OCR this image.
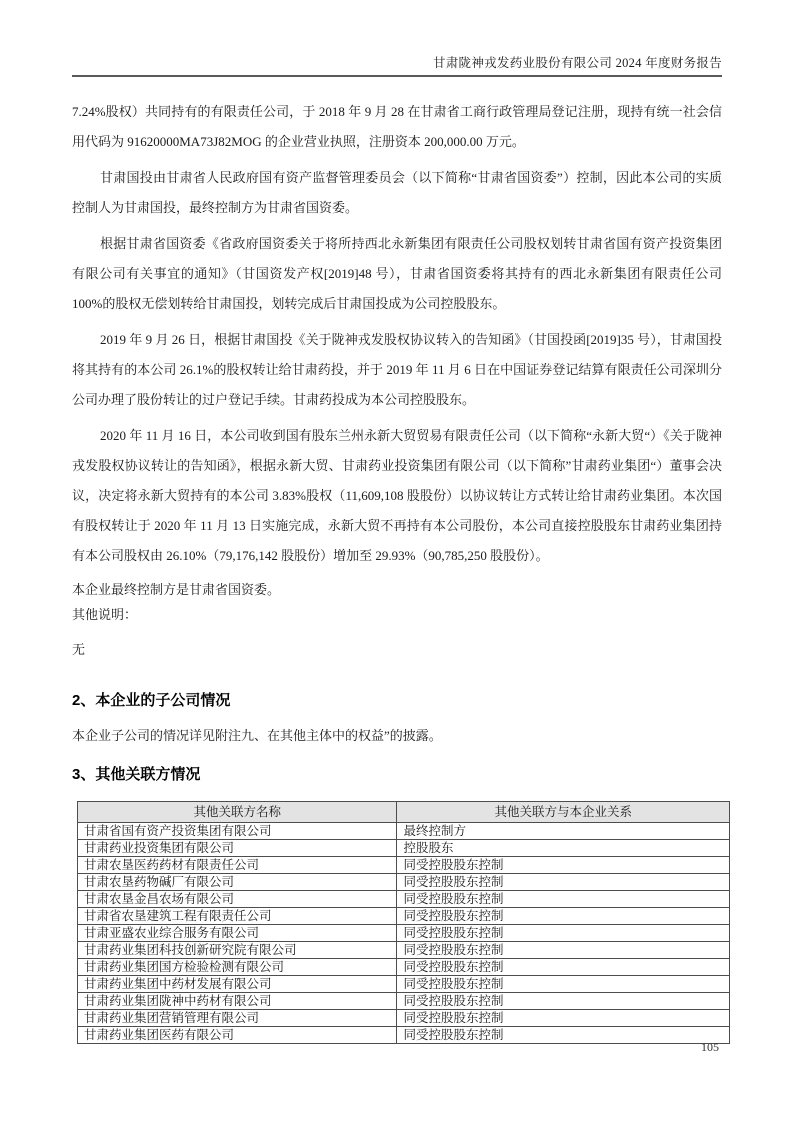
甘肃陇神戎发药业股份有限公司 2024 年度财务报告

7.24%股权）共同持有的有限责任公司，于 2018 年 9 月 28 在甘肃省工商行政管理局登记注册，现持有统一社会信用代码为 91620000MA73J82MOG 的企业营业执照，注册资本 200,000.00 万元。

甘肃国投由甘肃省人民政府国有资产监督管理委员会（以下简称“甘肃省国资委”）控制，因此本公司的实质控制人为甘肃国投，最终控制方为甘肃省国资委。

根据甘肃省国资委《省政府国资委关于将所持西北永新集团有限责任公司股权划转甘肃省国有资产投资集团有限公司有关事宜的通知》（甘国资发产权[2019]48 号），甘肃省国资委将其持有的西北永新集团有限责任公司 100%的股权无偿划转给甘肃国投，划转完成后甘肃国投成为公司控股股东。

2019 年 9 月 26 日，根据甘肃国投《关于陇神戎发股权协议转入的告知函》（甘国投函[2019]35 号），甘肃国投将其持有的本公司 26.1%的股权转让给甘肃药投，并于 2019 年 11 月 6 日在中国证券登记结算有限责任公司深圳分公司办理了股份转让的过户登记手续。甘肃药投成为本公司控股股东。

2020 年 11 月 16 日，本公司收到国有股东兰州永新大贸贸易有限责任公司（以下简称“永新大贸“）《关于陇神戎发股权协议转让的告知函》，根据永新大贸、甘肃药业投资集团有限公司（以下简称”甘肃药业集团“）董事会决议，决定将永新大贸持有的本公司 3.83%股权（11,609,108 股股份）以协议转让方式转让给甘肃药业集团。本次国有股权转让于 2020 年 11 月 13 日实施完成，永新大贸不再持有本公司股份，本公司直接控股股东甘肃药业集团持有本公司股权由 26.10%（79,176,142 股股份）增加至 29.93%（90,785,250 股股份）。

本企业最终控制方是甘肃省国资委。

其他说明：

无

2、本企业的子公司情况

本企业子公司的情况详见附注九、在其他主体中的权益”的披露。

3、其他关联方情况
其他关联方名称	其他关联方与本企业关系
甘肃省国有资产投资集团有限公司	最终控制方
甘肃药业投资集团有限公司	控股股东
甘肃农垦医药药材有限责任公司	同受控股股东控制
甘肃农垦药物碱厂有限公司	同受控股股东控制
甘肃农垦金昌农场有限公司	同受控股股东控制
甘肃省农垦建筑工程有限责任公司	同受控股股东控制
甘肃亚盛农业综合服务有限公司	同受控股股东控制
甘肃药业集团科技创新研究院有限公司	同受控股股东控制
甘肃药业集团国方检验检测有限公司	同受控股股东控制
甘肃药业集团中药材发展有限公司	同受控股股东控制
甘肃药业集团陇神中药材有限公司	同受控股股东控制
甘肃药业集团营销管理有限公司	同受控股股东控制
甘肃药业集团医药有限公司	同受控股股东控制
105
